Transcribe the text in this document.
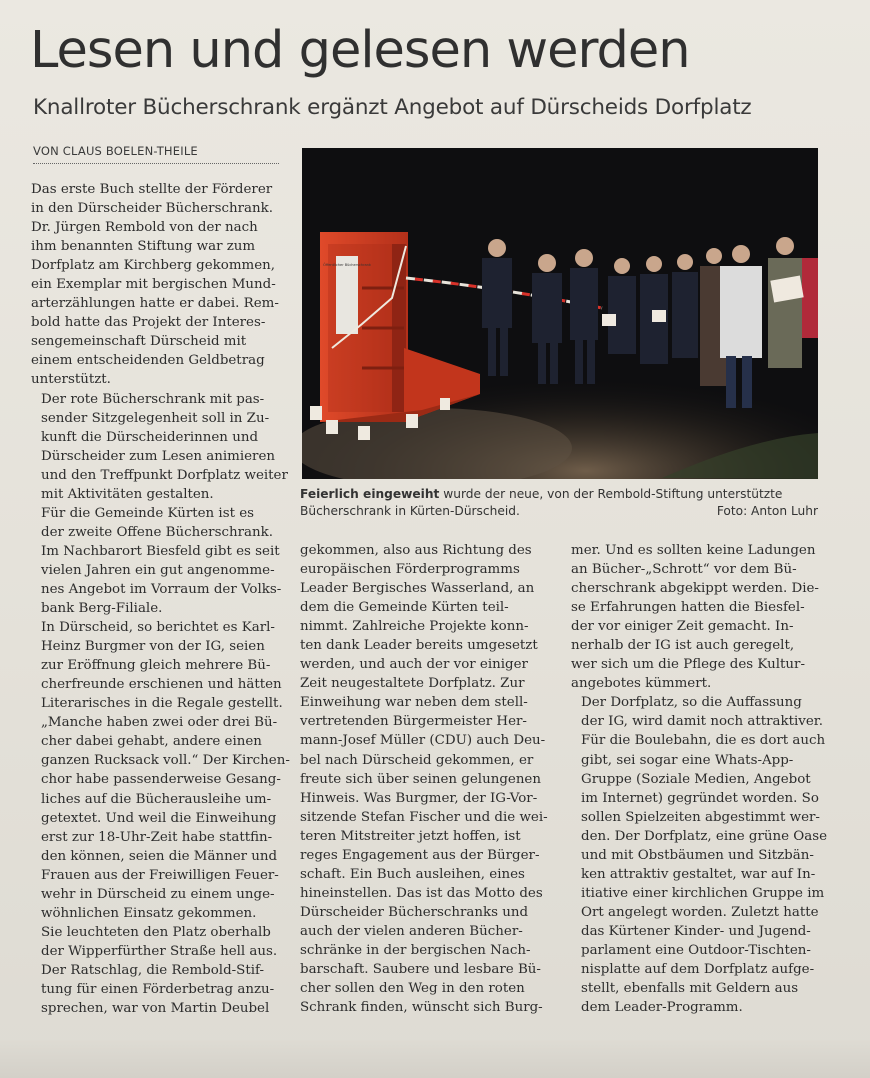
Lesen und gelesen werden
Knallroter Bücherschrank ergänzt Angebot auf Dürscheids Dorfplatz
VON CLAUS BOELEN-THEILE

Das erste Buch stellte der Förderer
in den Dürscheider Bücherschrank.
Dr. Jürgen Rembold von der nach
ihm benannten Stiftung war zum
Dorfplatz am Kirchberg gekommen,
ein Exemplar mit bergischen Mund-
arterzählungen hatte er dabei. Rem-
bold hatte das Projekt der Interes-
sengemeinschaft Dürscheid mit
einem entscheidenden Geldbetrag
unterstützt.

Der rote Bücherschrank mit pas-
sender Sitzgelegenheit soll in Zu-
kunft die Dürscheiderinnen und
Dürscheider zum Lesen animieren
und den Treffpunkt Dorfplatz weiter
mit Aktivitäten gestalten.

Für die Gemeinde Kürten ist es
der zweite Offene Bücherschrank.
Im Nachbarort Biesfeld gibt es seit
vielen Jahren ein gut angenomme-
nes Angebot im Vorraum der Volks-
bank Berg-Filiale.

In Dürscheid, so berichtet es Karl-
Heinz Burgmer von der IG, seien
zur Eröffnung gleich mehrere Bü-
cherfreunde erschienen und hätten
Literarisches in die Regale gestellt.
„Manche haben zwei oder drei Bü-
cher dabei gehabt, andere einen
ganzen Rucksack voll.“ Der Kirchen-
chor habe passenderweise Gesang-
liches auf die Bücherausleihe um-
getextet. Und weil die Einweihung
erst zur 18-Uhr-Zeit habe stattfin-
den können, seien die Männer und
Frauen aus der Freiwilligen Feuer-
wehr in Dürscheid zu einem unge-
wöhnlichen Einsatz gekommen.
Sie leuchteten den Platz oberhalb
der Wipperfürther Straße hell aus.

Der Ratschlag, die Rembold-Stif-
tung für einen Förderbetrag anzu-
sprechen, war von Martin Deubel

Öffentlicher Bücherschrank
Feierlich eingeweiht wurde der neue, von der Rembold-Stiftung unterstützte
Bücherschrank in Kürten-Dürscheid.	Foto: Anton Luhr

gekommen, also aus Richtung des
europäischen Förderprogramms
Leader Bergisches Wasserland, an
dem die Gemeinde Kürten teil-
nimmt. Zahlreiche Projekte konn-
ten dank Leader bereits umgesetzt
werden, und auch der vor einiger
Zeit neugestaltete Dorfplatz. Zur
Einweihung war neben dem stell-
vertretenden Bürgermeister Her-
mann-Josef Müller (CDU) auch Deu-
bel nach Dürscheid gekommen, er
freute sich über seinen gelungenen
Hinweis. Was Burgmer, der IG-Vor-
sitzende Stefan Fischer und die wei-
teren Mitstreiter jetzt hoffen, ist
reges Engagement aus der Bürger-
schaft. Ein Buch ausleihen, eines
hineinstellen. Das ist das Motto des
Dürscheider Bücherschranks und
auch der vielen anderen Bücher-
schränke in der bergischen Nach-
barschaft. Saubere und lesbare Bü-
cher sollen den Weg in den roten
Schrank finden, wünscht sich Burg-

mer. Und es sollten keine Ladungen
an Bücher-„Schrott“ vor dem Bü-
cherschrank abgekippt werden. Die-
se Erfahrungen hatten die Biesfel-
der vor einiger Zeit gemacht. In-
nerhalb der IG ist auch geregelt,
wer sich um die Pflege des Kultur-
angebotes kümmert.

Der Dorfplatz, so die Auffassung
der IG, wird damit noch attraktiver.
Für die Boulebahn, die es dort auch
gibt, sei sogar eine Whats-App-
Gruppe (Soziale Medien, Angebot
im Internet) gegründet worden. So
sollen Spielzeiten abgestimmt wer-
den. Der Dorfplatz, eine grüne Oase
und mit Obstbäumen und Sitzbän-
ken attraktiv gestaltet, war auf In-
itiative einer kirchlichen Gruppe im
Ort angelegt worden. Zuletzt hatte
das Kürtener Kinder- und Jugend-
parlament eine Outdoor-Tischten-
nisplatte auf dem Dorfplatz aufge-
stellt, ebenfalls mit Geldern aus
dem Leader-Programm.
